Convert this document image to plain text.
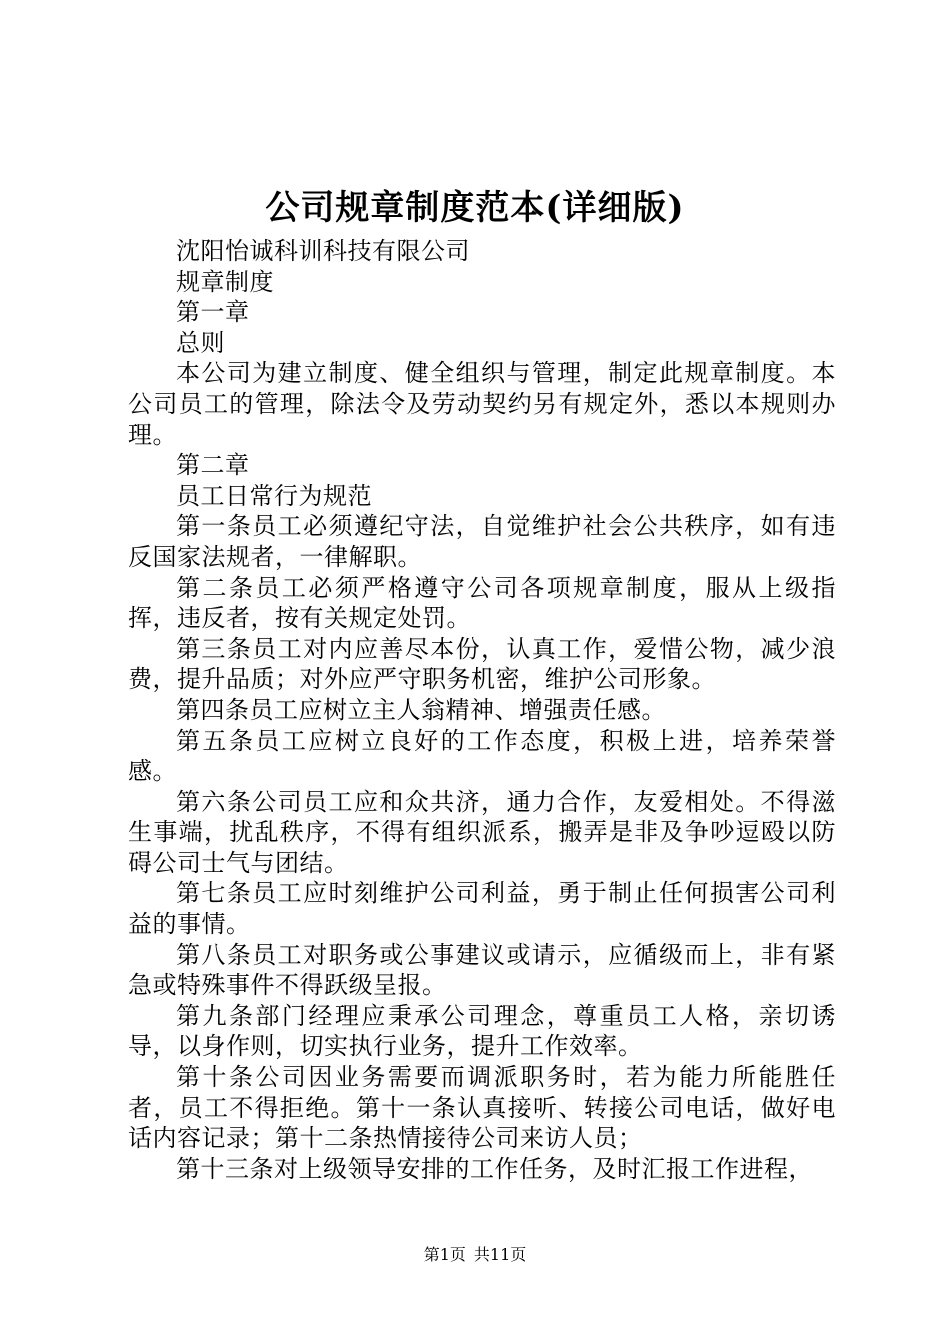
公司规章制度范本(详细版)

沈阳怡诚科训科技有限公司

规章制度

第一章

总则

本公司为建立制度、健全组织与管理，制定此规章制度。本公司员工的管理，除法令及劳动契约另有规定外，悉以本规则办理。

第二章

员工日常行为规范

第一条员工必须遵纪守法，自觉维护社会公共秩序，如有违反国家法规者，一律解职。

第二条员工必须严格遵守公司各项规章制度，服从上级指挥，违反者，按有关规定处罚。

第三条员工对内应善尽本份，认真工作，爱惜公物，减少浪费，提升品质；对外应严守职务机密，维护公司形象。

第四条员工应树立主人翁精神、增强责任感。

第五条员工应树立良好的工作态度，积极上进，培养荣誉感。

第六条公司员工应和众共济，通力合作，友爱相处。不得滋生事端，扰乱秩序，不得有组织派系，搬弄是非及争吵逗殴以防碍公司士气与团结。

第七条员工应时刻维护公司利益，勇于制止任何损害公司利益的事情。

第八条员工对职务或公事建议或请示，应循级而上，非有紧急或特殊事件不得跃级呈报。

第九条部门经理应秉承公司理念，尊重员工人格，亲切诱导，以身作则，切实执行业务，提升工作效率。

第十条公司因业务需要而调派职务时，若为能力所能胜任者，员工不得拒绝。第十一条认真接听、转接公司电话，做好电话内容记录；第十二条热情接待公司来访人员；

第十三条对上级领导安排的工作任务，及时汇报工作进程，

第1页 共11页
